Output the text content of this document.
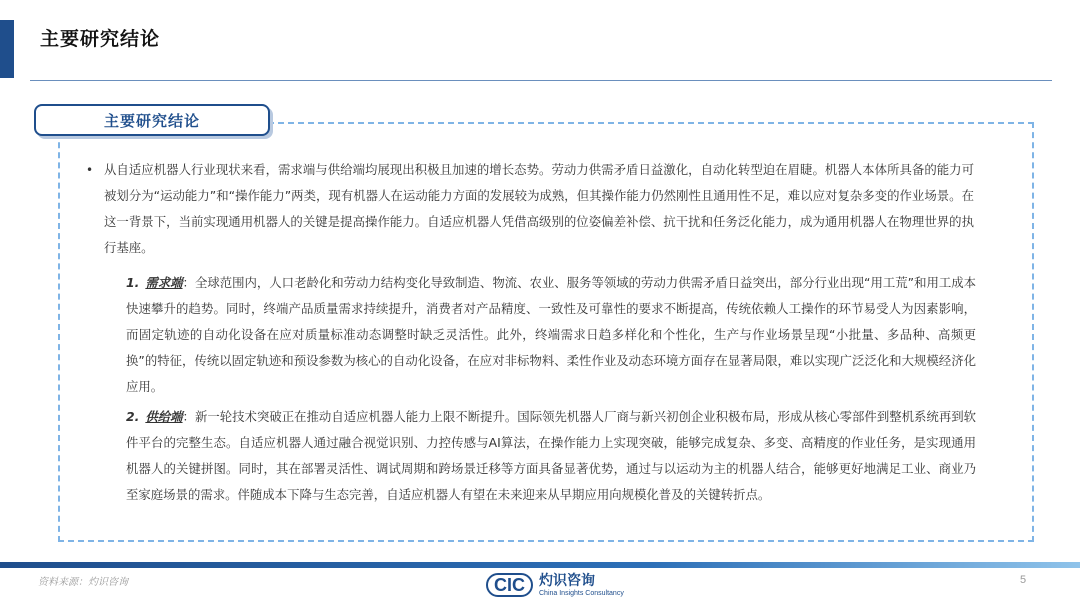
主要研究结论
主要研究结论
• 从自适应机器人行业现状来看，需求端与供给端均展现出积极且加速的增长态势。劳动力供需矛盾日益激化，自动化转型迫在眉睫。机器人本体所具备的能力可被划分为“运动能力”和“操作能力”两类，现有机器人在运动能力方面的发展较为成熟，但其操作能力仍然刚性且通用性不足，难以应对复杂多变的作业场景。在这一背景下，当前实现通用机器人的关键是提高操作能力。自适应机器人凭借高级别的位姿偏差补偿、抗干扰和任务泛化能力，成为通用机器人在物理世界的执行基座。
1. 需求端：全球范围内，人口老龄化和劳动力结构变化导致制造、物流、农业、服务等领域的劳动力供需矛盾日益突出，部分行业出现“用工荒”和用工成本快速攀升的趋势。同时，终端产品质量需求持续提升，消费者对产品精度、一致性及可靠性的要求不断提高，传统依赖人工操作的环节易受人为因素影响，而固定轨迹的自动化设备在应对质量标准动态调整时缺乏灵活性。此外，终端需求日趋多样化和个性化，生产与作业场景呈现“小批量、多品种、高频更换”的特征，传统以固定轨迹和预设参数为核心的自动化设备，在应对非标物料、柔性作业及动态环境方面存在显著局限，难以实现广泛泛化和大规模经济化应用。
2. 供给端：新一轮技术突破正在推动自适应机器人能力上限不断提升。国际领先机器人厂商与新兴初创企业积极布局，形成从核心零部件到整机系统再到软件平台的完整生态。自适应机器人通过融合视觉识别、力控传感与AI算法，在操作能力上实现突破，能够完成复杂、多变、高精度的作业任务，是实现通用机器人的关键拼图。同时，其在部署灵活性、调试周期和跨场景迁移等方面具备显著优势，通过与以运动为主的机器人结合，能够更好地满足工业、商业乃至家庭场景的需求。伴随成本下降与生态完善，自适应机器人有望在未来迎来从早期应用向规模化普及的关键转折点。
资料来源：灼识咨询	CIC	灼识咨询
China Insights Consultancy
5
